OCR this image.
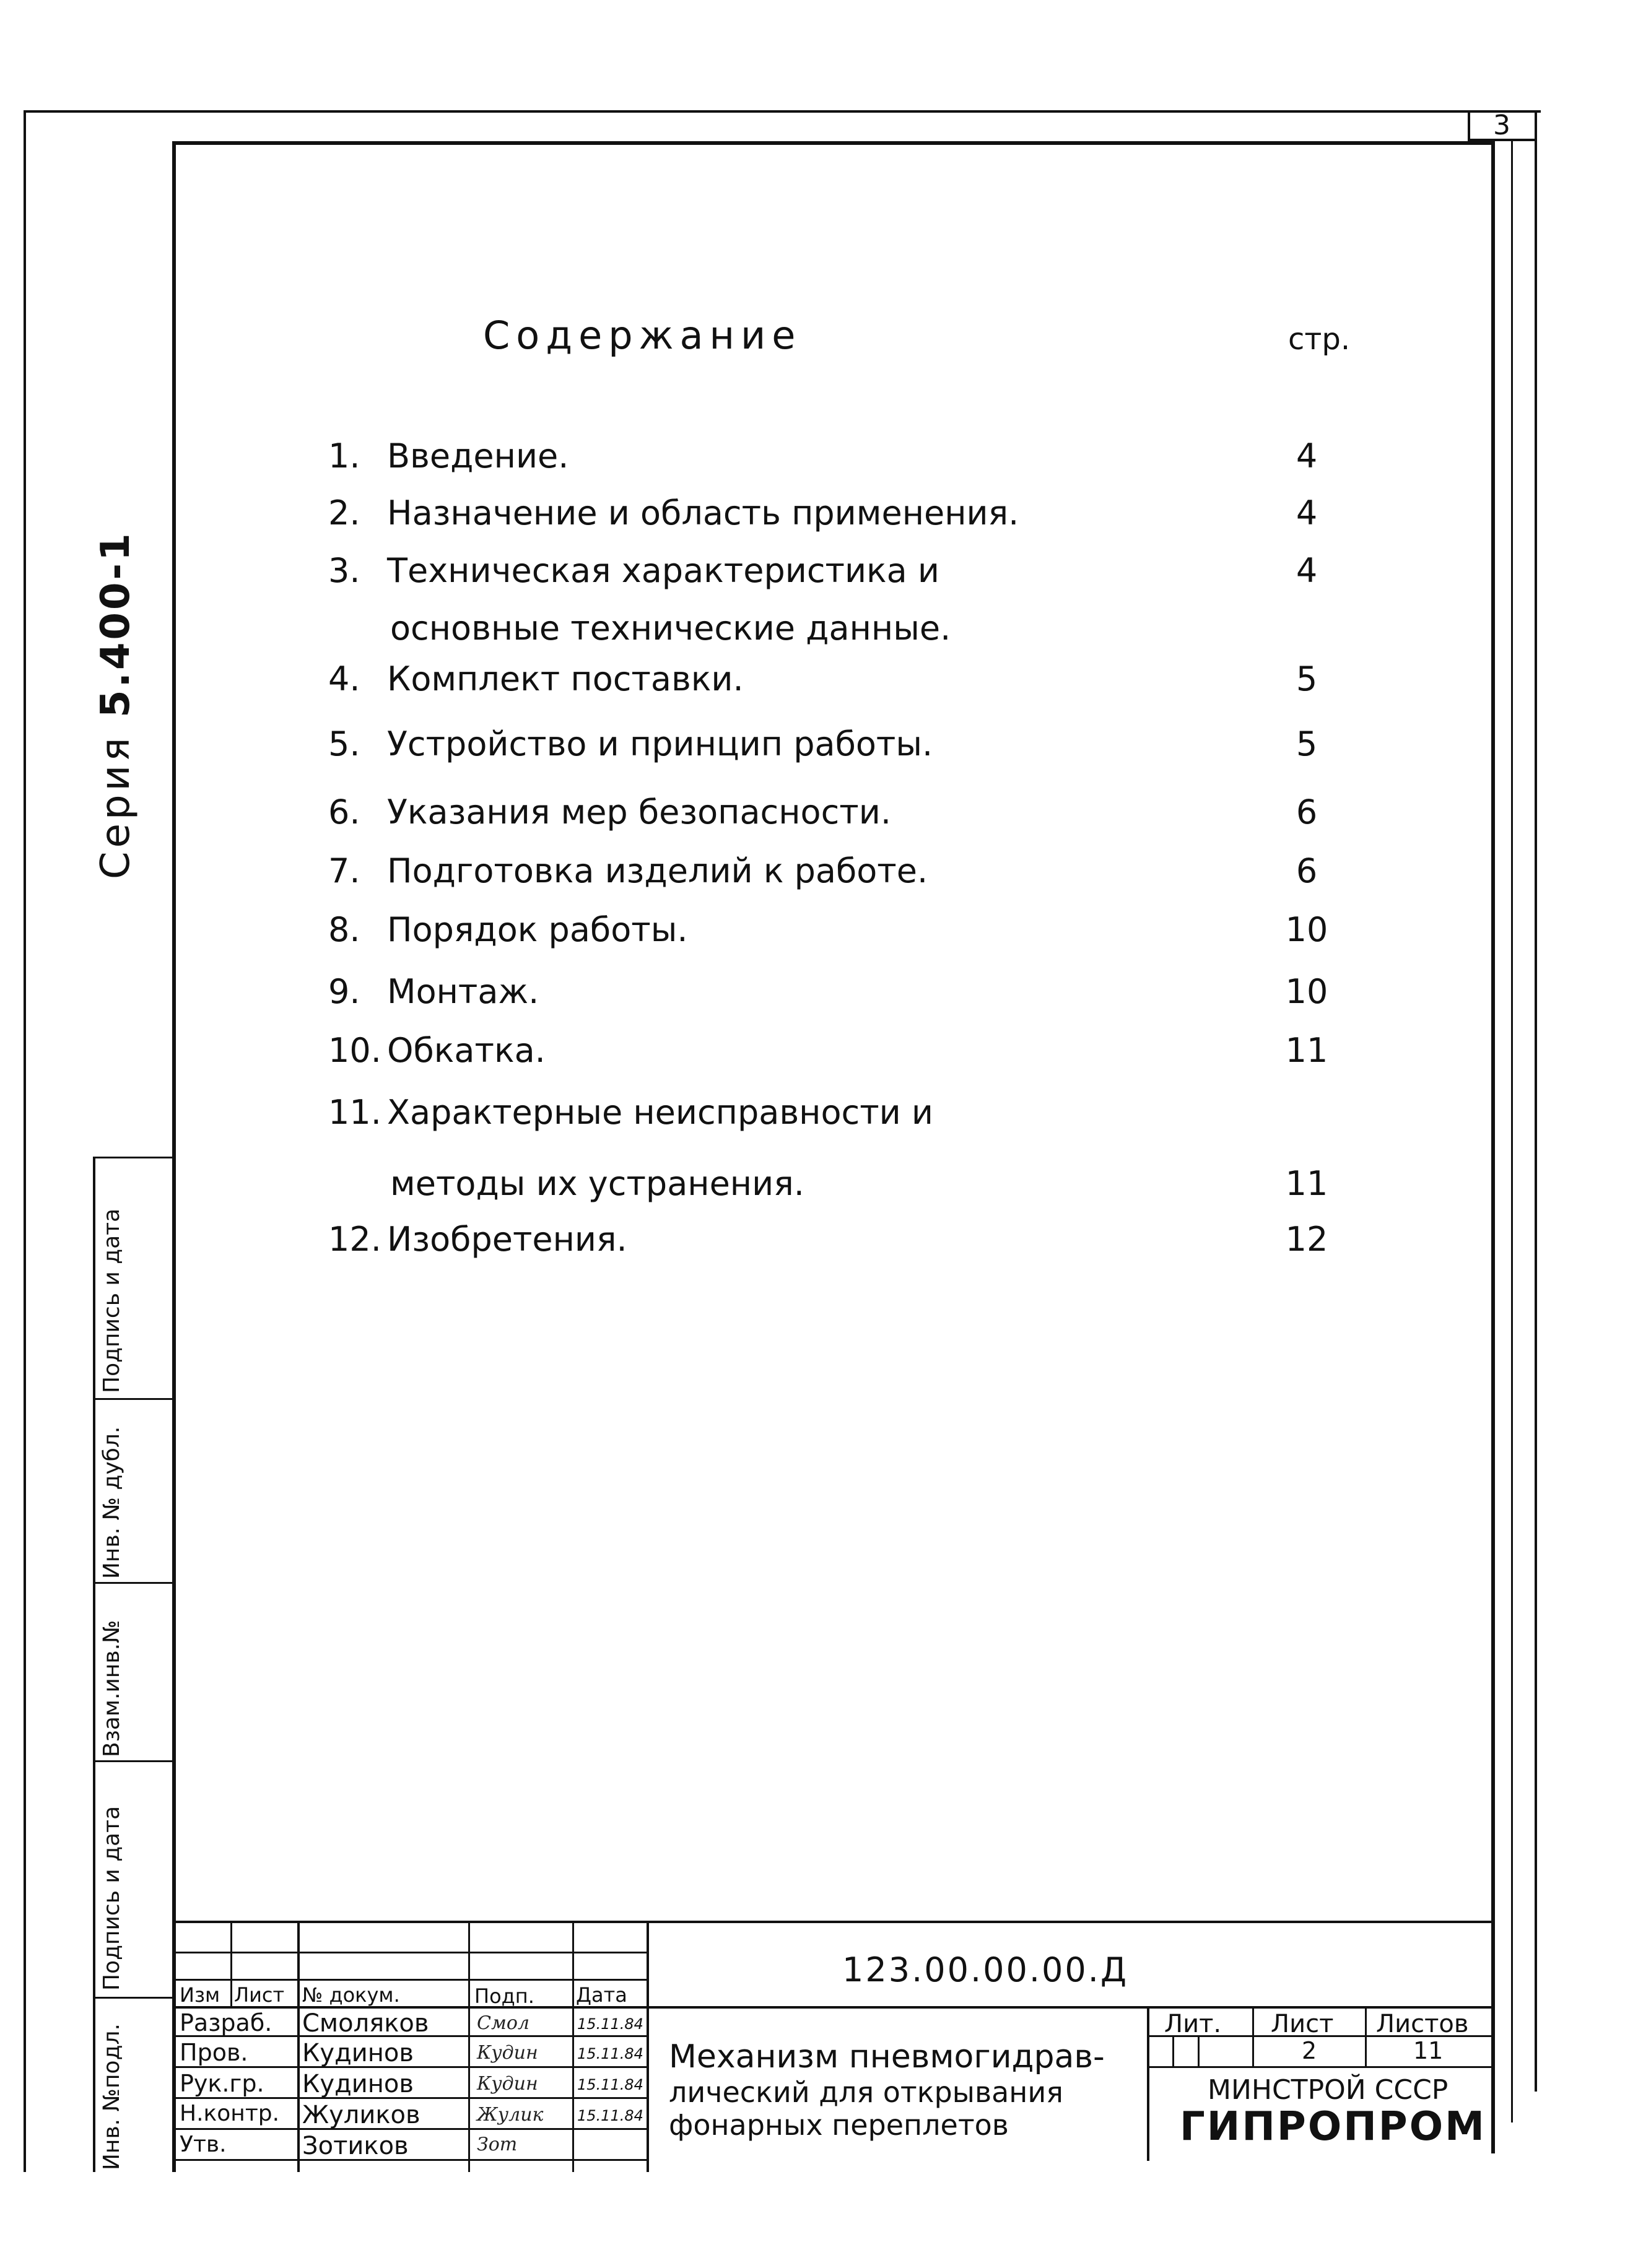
3
Серия 5.400-1
Инв. №подл.
Подпись и дата
Взам.инв.№
Инв. № дубл.
Подпись и дата
Содержание	стр.
1. Введение.	4
2. Назначение и область применения.	4
3. Техническая характеристика и	4
основные технические данные.
4. Комплект поставки.	5
5. Устройство и принцип работы.	5
6. Указания мер безопасности.	6
7. Подготовка изделий к работе.	6
8. Порядок работы.	10
9. Монтаж.	10
10. Обкатка.	11
11. Характерные неисправности и
методы их устранения.	11
12. Изобретения.	12
123.00.00.00.Д
Изм Лист № докум.	Подп. Дата
Разраб. Смоляков	Смол	15.11.84
Пров. Кудинов	Кудин	15.11.84
Рук.гр. Кудинов	Кудин	15.11.84
Н.контр. Жуликов	Жулик 15.11.84
Утв.	Зотиков	Зот
Механизм пневмогидрав-
лический для открывания
фонарных переплетов
Лит. Лист Листов
2	11
МИНСТРОЙ СССР
ГИПРОПРОМ
